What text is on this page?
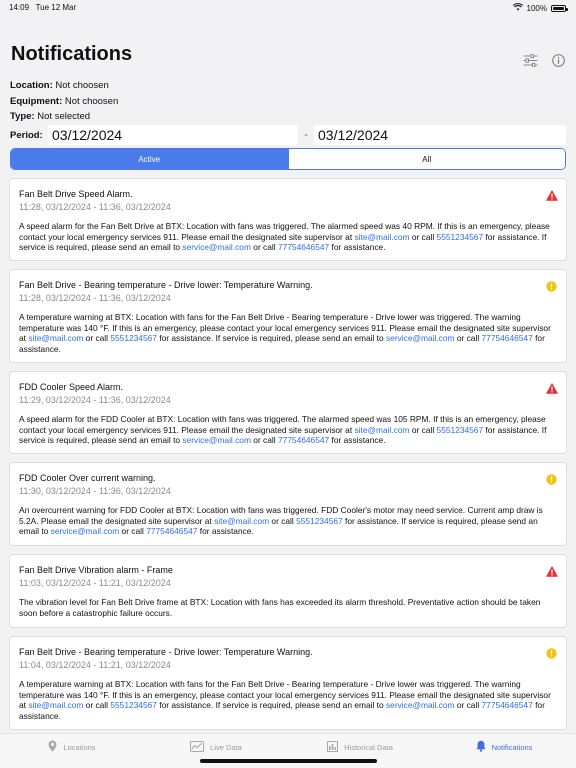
14:09 Tue 12 Mar	100%
Notifications
Location: Not choosen
Equipment: Not choosen
Type: Not selected
Period: 03/12/2024	- 03/12/2024
Active	All
Fan Belt Drive Speed Alarm.
11:28, 03/12/2024 - 11:36, 03/12/2024
A speed alarm for the Fan Belt Drive at BTX: Location with fans was triggered. The alarmed speed was 40 RPM. If this is an emergency, please contact your local emergency services 911. Please email the designated site supervisor at site@mail.com or call 5551234567 for assistance. If service is required, please send an email to service@mail.com or call 77754646547 for assistance.
Fan Belt Drive - Bearing temperature - Drive lower: Temperature Warning.
11:28, 03/12/2024 - 11:36, 03/12/2024
A temperature warning at BTX: Location with fans for the Fan Belt Drive - Bearing temperature - Drive lower was triggered. The warning temperature was 140 °F. If this is an emergency, please contact your local emergency services 911. Please email the designated site supervisor at site@mail.com or call 5551234567 for assistance. If service is required, please send an email to service@mail.com or call 77754646547 for assistance.
FDD Cooler Speed Alarm.
11:29, 03/12/2024 - 11:36, 03/12/2024
A speed alarm for the FDD Cooler at BTX: Location with fans was triggered. The alarmed speed was 105 RPM. If this is an emergency, please contact your local emergency services 911. Please email the designated site supervisor at site@mail.com or call 5551234567 for assistance. If service is required, please send an email to service@mail.com or call 77754646547 for assistance.
FDD Cooler Over current warning.
11:30, 03/12/2024 - 11:36, 03/12/2024
An overcurrent warning for FDD Cooler at BTX: Location with fans was triggered. FDD Cooler's motor may need service. Current amp draw is 5.2A. Please email the designated site supervisor at site@mail.com or call 5551234567 for assistance. If service is required, please send an email to service@mail.com or call 77754646547 for assistance.
Fan Belt Drive Vibration alarm - Frame
11:03, 03/12/2024 - 11:21, 03/12/2024
The vibration level for Fan Belt Drive frame at BTX: Location with fans has exceeded its alarm threshold. Preventative action should be taken soon before a catastrophic failure occurs.
Fan Belt Drive - Bearing temperature - Drive lower: Temperature Warning.
11:04, 03/12/2024 - 11:21, 03/12/2024
A temperature warning at BTX: Location with fans for the Fan Belt Drive - Bearing temperature - Drive lower was triggered. The warning temperature was 140 °F. If this is an emergency, please contact your local emergency services 911. Please email the designated site supervisor at site@mail.com or call 5551234567 for assistance. If service is required, please send an email to service@mail.com or call 77754646547 for assistance.
Locations	Live Data	Historical Data	Notifications
